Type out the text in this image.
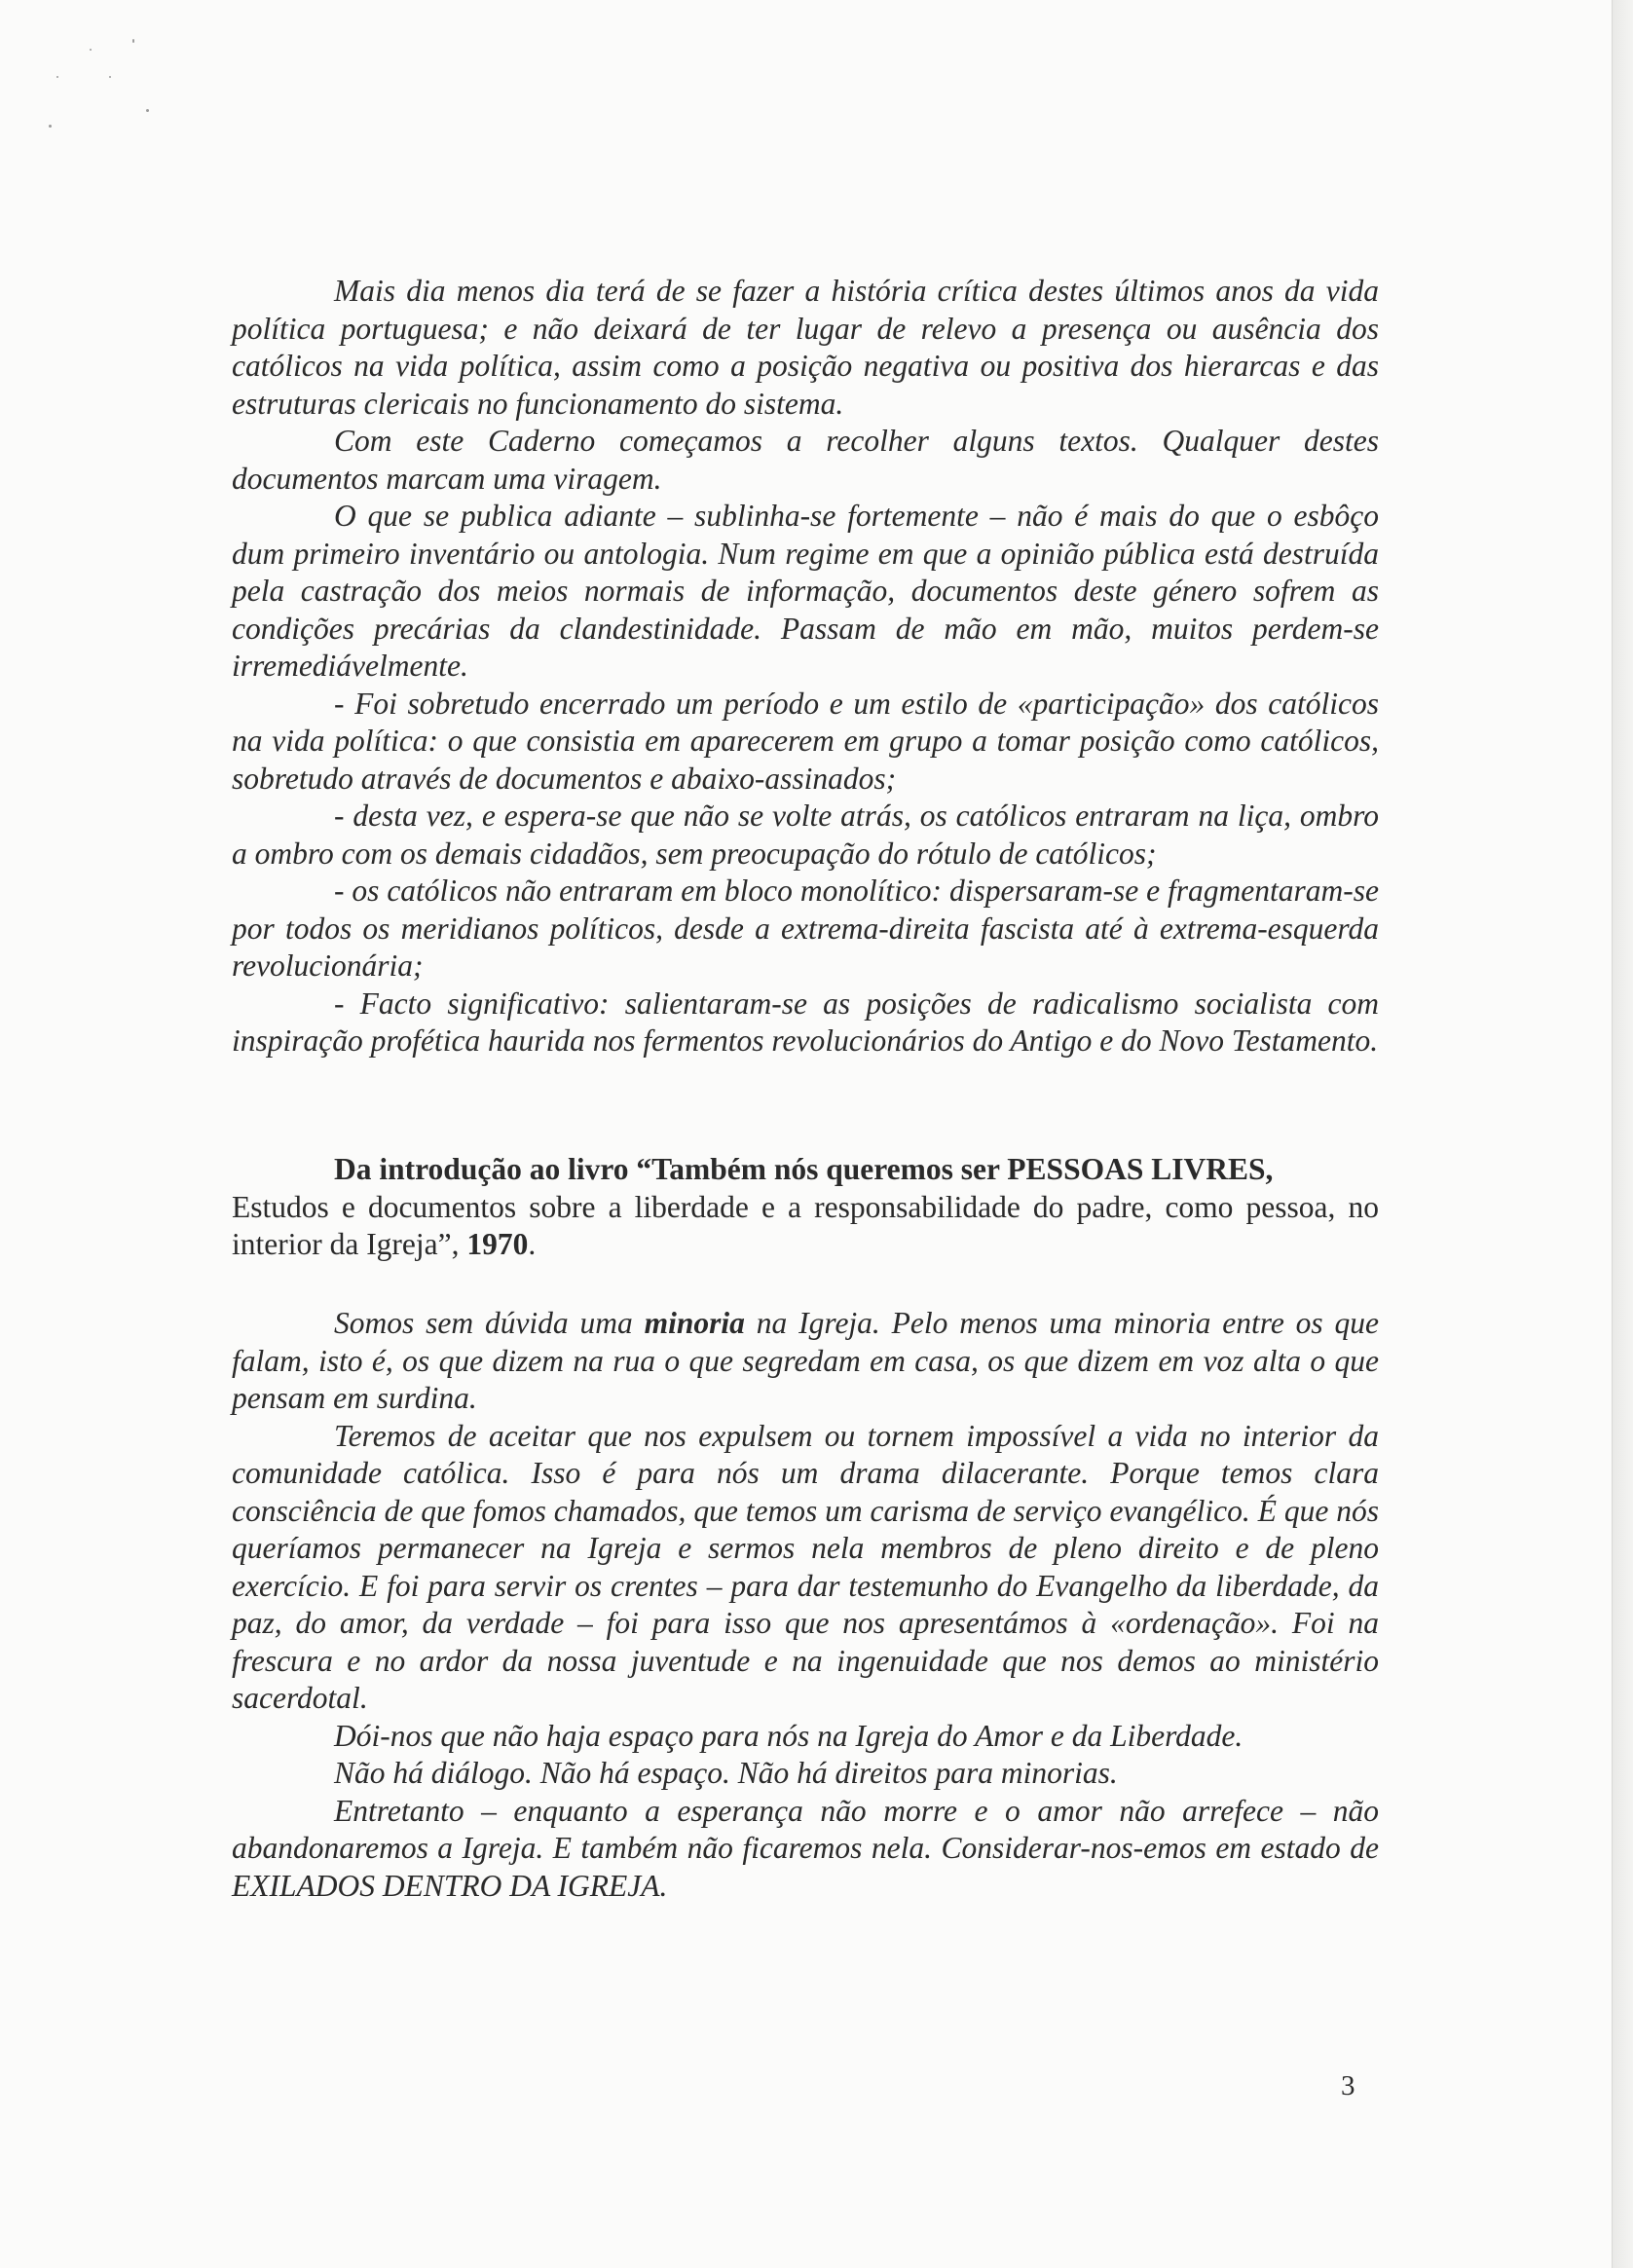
Mais dia menos dia terá de se fazer a história crítica destes últimos anos da vida política portuguesa; e não deixará de ter lugar de relevo a presença ou ausência dos católicos na vida política, assim como a posição negativa ou positiva dos hierarcas e das estruturas clericais no funcionamento do sistema.

Com este Caderno começamos a recolher alguns textos. Qualquer destes documentos marcam uma viragem.

O que se publica adiante – sublinha-se fortemente – não é mais do que o esbôço dum primeiro inventário ou antologia. Num regime em que a opinião pública está destruída pela castração dos meios normais de informação, documentos deste género sofrem as condições precárias da clandestinidade. Passam de mão em mão, muitos perdem-se irremediávelmente.

- Foi sobretudo encerrado um período e um estilo de «participação» dos católicos na vida política: o que consistia em aparecerem em grupo a tomar posição como católicos, sobretudo através de documentos e abaixo-assinados;

- desta vez, e espera-se que não se volte atrás, os católicos entraram na liça, ombro a ombro com os demais cidadãos, sem preocupação do rótulo de católicos;

- os católicos não entraram em bloco monolítico: dispersaram-se e fragmentaram-se por todos os meridianos políticos, desde a extrema-direita fascista até à extrema-esquerda revolucionária;

- Facto significativo: salientaram-se as posições de radicalismo socialista com inspiração profética haurida nos fermentos revolucionários do Antigo e do Novo Testamento.

Da introdução ao livro “Também nós queremos ser PESSOAS LIVRES,

Estudos e documentos sobre a liberdade e a responsabilidade do padre, como pessoa, no interior da Igreja”, 1970.

Somos sem dúvida uma minoria na Igreja. Pelo menos uma minoria entre os que falam, isto é, os que dizem na rua o que segredam em casa, os que dizem em voz alta o que pensam em surdina.

Teremos de aceitar que nos expulsem ou tornem impossível a vida no interior da comunidade católica. Isso é para nós um drama dilacerante. Porque temos clara consciência de que fomos chamados, que temos um carisma de serviço evangélico. É que nós queríamos permanecer na Igreja e sermos nela membros de pleno direito e de pleno exercício. E foi para servir os crentes – para dar testemunho do Evangelho da liberdade, da paz, do amor, da verdade – foi para isso que nos apresentámos à «ordenação». Foi na frescura e no ardor da nossa juventude e na ingenuidade que nos demos ao ministério sacerdotal.

Dói-nos que não haja espaço para nós na Igreja do Amor e da Liberdade.

Não há diálogo. Não há espaço. Não há direitos para minorias.

Entretanto – enquanto a esperança não morre e o amor não arrefece – não abandonaremos a Igreja. E também não ficaremos nela. Considerar-nos-emos em estado de EXILADOS DENTRO DA IGREJA.

3
